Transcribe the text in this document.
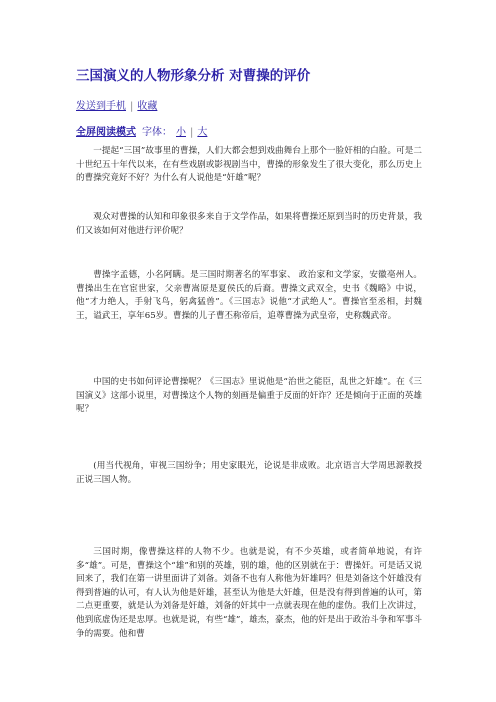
三国演义的人物形象分析 对曹操的评价
发送到手机 | 收藏
全屏阅读模式 字体： 小 | 大

一提起“三国”故事里的曹操，人们大都会想到戏曲舞台上那个一脸奸相的白脸。可是二十世纪五十年代以来，在有些戏剧或影视剧当中，曹操的形象发生了很大变化，那么历史上的曹操究竟好不好？为什么有人说他是“奸雄”呢？

观众对曹操的认知和印象很多来自于文学作品，如果将曹操还原到当时的历史背景，我们又该如何对他进行评价呢？

曹操字孟德，小名阿瞒。是三国时期著名的军事家、 政治家和文学家，安徽亳州人。曹操出生在官宦世家，父亲曹嵩原是夏侯氏的后裔。曹操文武双全，史书《魏略》中说，他“才力绝人，手射飞鸟，躬禽猛兽”。《三国志》说他“才武绝人”。曹操官至丞相，封魏王，谥武王，享年65岁。曹操的儿子曹丕称帝后，追尊曹操为武皇帝，史称魏武帝。

中国的史书如何评论曹操呢？《三国志》里说他是“治世之能臣，乱世之奸雄”。在《三国演义》这部小说里，对曹操这个人物的刻画是偏重于反面的奸诈？还是倾向于正面的英雄呢？

(用当代视角，审视三国纷争；用史家眼光，论说是非成败。北京语言大学周思源教授正说三国人物。

三国时期，像曹操这样的人物不少。也就是说，有不少英雄，或者简单地说，有许多“雄”。可是，曹操这个“雄”和别的英雄，别的雄，他的区别就在于：曹操奸。可是话又说回来了，我们在第一讲里面讲了刘备。刘备不也有人称他为奸雄吗？但是刘备这个奸雄没有得到普遍的认可，有人认为他是奸雄，甚至认为他是大奸雄，但是没有得到普遍的认可，第二点更重要，就是认为刘备是奸雄，刘备的奸其中一点就表现在他的虚伪。我们上次讲过，他到底虚伪还是忠厚。也就是说，有些“雄”，雄杰，豪杰，他的奸是出于政治斗争和军事斗争的需要。他和曹
